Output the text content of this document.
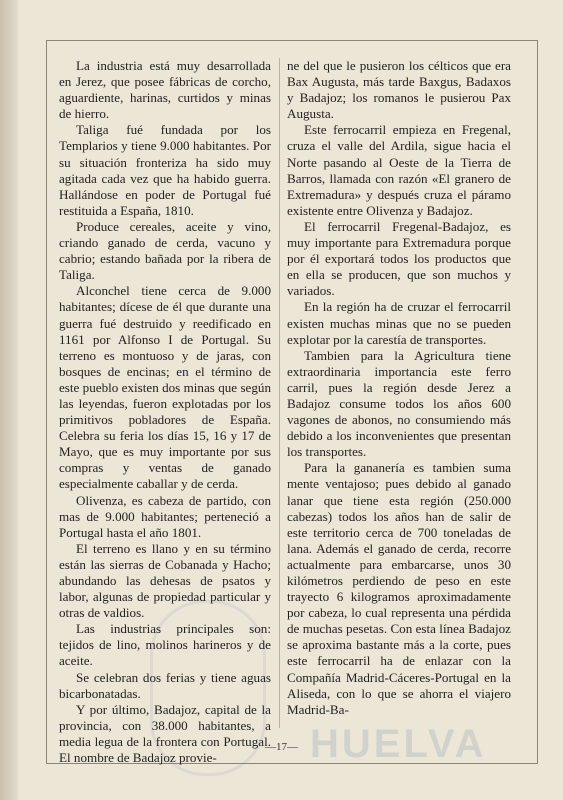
La industria está muy desarrollada en Jerez, que posee fábricas de corcho, aguardiente, harinas, curtidos y minas de hierro.

Taliga fué fundada por los Templarios y tiene 9.000 habitantes. Por su situación fronteriza ha sido muy agitada cada vez que ha habido guerra. Hallándose en poder de Portugal fué restituida a España, 1810.

Produce cereales, aceite y vino, criando ganado de cerda, vacuno y cabrio; estando bañada por la ribera de Taliga.

Alconchel tiene cerca de 9.000 habitantes; dícese de él que durante una guerra fué destruido y reedificado en 1161 por Alfonso I de Portugal. Su terreno es montuoso y de jaras, con bosques de encinas; en el término de este pueblo existen dos minas que según las leyendas, fueron explotadas por los primitivos pobladores de España. Celebra su feria los días 15, 16 y 17 de Mayo, que es muy importante por sus compras y ventas de ganado especialmente caballar y de cerda.

Olivenza, es cabeza de partido, con mas de 9.000 habitantes; perteneció a Portugal hasta el año 1801.

El terreno es llano y en su término están las sierras de Cobanada y Hacho; abundando las dehesas de psatos y labor, algunas de propiedad particular y otras de valdios.

Las industrias principales son: tejidos de lino, molinos harineros y de aceite.

Se celebran dos ferias y tiene aguas bicarbonatadas.

Y por último, Badajoz, capital de la provincia, con 38.000 habitantes, a media legua de la frontera con Portugal. El nombre de Badajoz provie-

ne del que le pusieron los célticos que era Bax Augusta, más tarde Baxgus, Badaxos y Badajoz; los romanos le pusierou Pax Augusta.

Este ferrocarril empieza en Fregenal, cruza el valle del Ardila, sigue hacia el Norte pasando al Oeste de la Tierra de Barros, llamada con razón «El granero de Extremadura» y después cruza el páramo existente entre Olivenza y Badajoz.

El ferrocarril Fregenal-Badajoz, es muy importante para Extremadura porque por él exportará todos los productos que en ella se producen, que son muchos y variados.

En la región ha de cruzar el ferrocarril existen muchas minas que no se pueden explotar por la carestía de transportes.

Tambien para la Agricultura tiene extraordinaria importancia este ferro carril, pues la región desde Jerez a Badajoz consume todos los años 600 vagones de abonos, no consumiendo más debido a los inconvenientes que presentan los transportes.

Para la gananería es tambien suma mente ventajoso; pues debido al ganado lanar que tiene esta región (250.000 cabezas) todos los años han de salir de este territorio cerca de 700 toneladas de lana. Además el ganado de cerda, recorre actualmente para embarcarse, unos 30 kilómetros perdiendo de peso en este trayecto 6 kilogramos aproximadamente por cabeza, lo cual representa una pérdida de muchas pesetas. Con esta línea Badajoz se aproxima bastante más a la corte, pues este ferrocarril ha de enlazar con la Compañía Madrid-Cáceres-Portugal en la Aliseda, con lo que se ahorra el viajero Madrid-Ba-

—17— HUELVA
